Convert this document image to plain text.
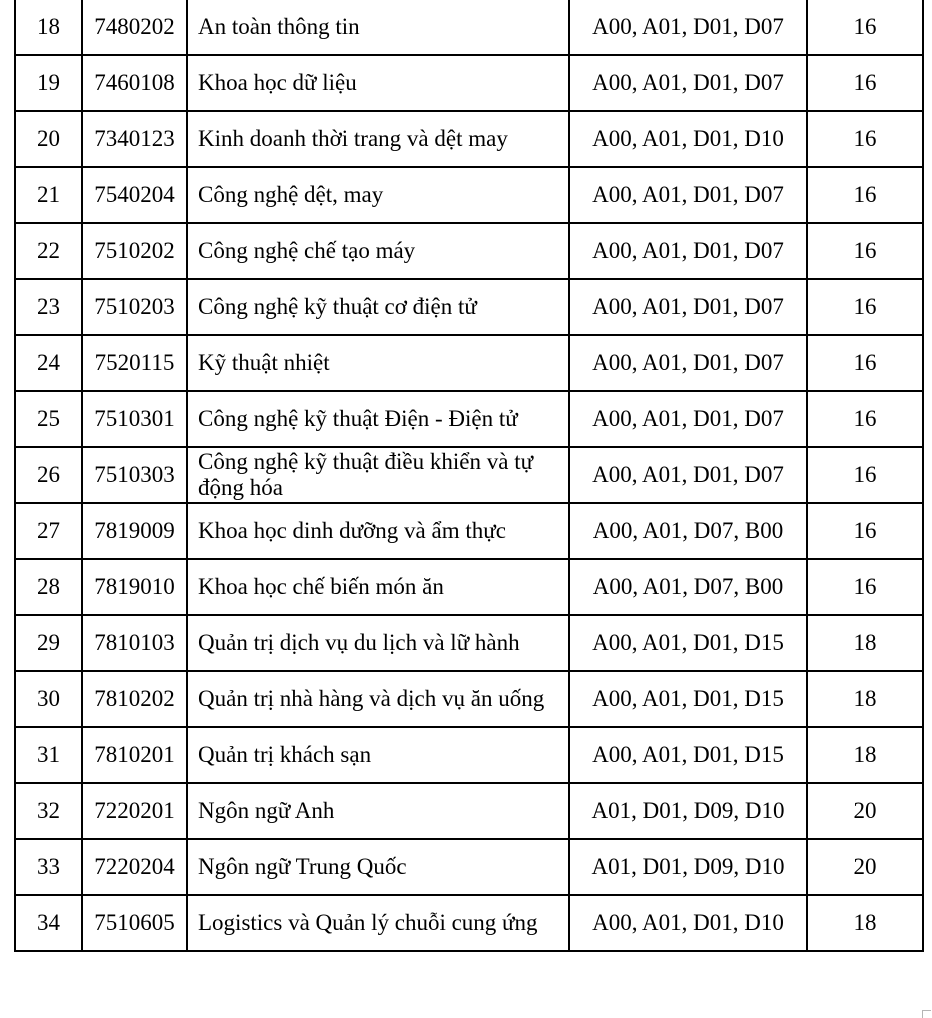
18	7480202	An toàn thông tin	A00, A01, D01, D07	16
19	7460108	Khoa học dữ liệu	A00, A01, D01, D07	16
20	7340123	Kinh doanh thời trang và dệt may	A00, A01, D01, D10	16
21	7540204	Công nghệ dệt, may	A00, A01, D01, D07	16
22	7510202	Công nghệ chế tạo máy	A00, A01, D01, D07	16
23	7510203	Công nghệ kỹ thuật cơ điện tử	A00, A01, D01, D07	16
24	7520115	Kỹ thuật nhiệt	A00, A01, D01, D07	16
25	7510301	Công nghệ kỹ thuật Điện - Điện tử	A00, A01, D01, D07	16
26	7510303	Công nghệ kỹ thuật điều khiển và tự động hóa	A00, A01, D01, D07	16
27	7819009	Khoa học dinh dưỡng và ẩm thực	A00, A01, D07, B00	16
28	7819010	Khoa học chế biến món ăn	A00, A01, D07, B00	16
29	7810103	Quản trị dịch vụ du lịch và lữ hành	A00, A01, D01, D15	18
30	7810202	Quản trị nhà hàng và dịch vụ ăn uống	A00, A01, D01, D15	18
31	7810201	Quản trị khách sạn	A00, A01, D01, D15	18
32	7220201	Ngôn ngữ Anh	A01, D01, D09, D10	20
33	7220204	Ngôn ngữ Trung Quốc	A01, D01, D09, D10	20
34	7510605	Logistics và Quản lý chuỗi cung ứng	A00, A01, D01, D10	18
